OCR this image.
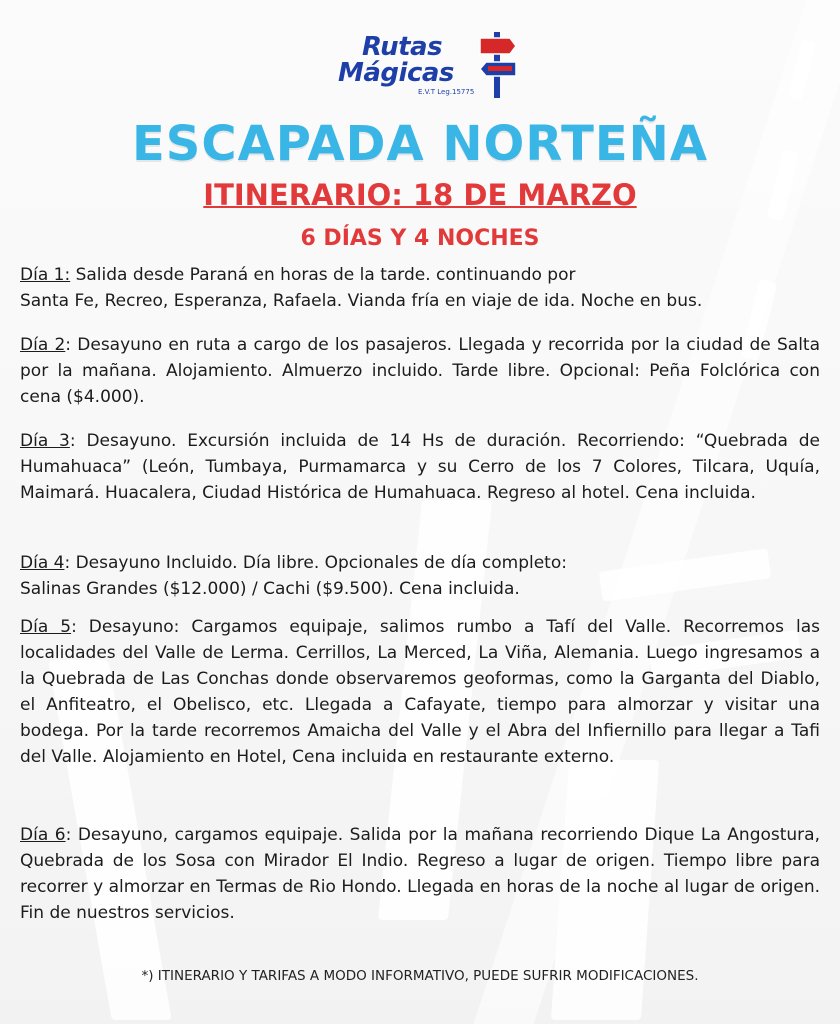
Rutas
Mágicas
E.V.T Leg.15775
ESCAPADA NORTEÑA
ITINERARIO: 18 DE MARZO
6 DÍAS Y 4 NOCHES
Día 1: Salida desde Paraná en horas de la tarde. continuando por
Santa Fe, Recreo, Esperanza, Rafaela. Vianda fría en viaje de ida. Noche en bus.
Día 2: Desayuno en ruta a cargo de los pasajeros. Llegada y recorrida por la ciudad de Salta por la mañana. Alojamiento. Almuerzo incluido. Tarde libre. Opcional: Peña Folclórica con cena ($4.000).
Día 3: Desayuno. Excursión incluida de 14 Hs de duración. Recorriendo: “Quebrada de Humahuaca” (León, Tumbaya, Purmamarca y su Cerro de los 7 Colores, Tilcara, Uquía, Maimará. Huacalera, Ciudad Histórica de Humahuaca. Regreso al hotel. Cena incluida.
Día 4: Desayuno Incluido. Día libre. Opcionales de día completo:
Salinas Grandes ($12.000) / Cachi ($9.500). Cena incluida.
Día 5: Desayuno: Cargamos equipaje, salimos rumbo a Tafí del Valle. Recorremos las localidades del Valle de Lerma. Cerrillos, La Merced, La Viña, Alemania. Luego ingresamos a la Quebrada de Las Conchas donde observaremos geoformas, como la Garganta del Diablo, el Anfiteatro, el Obelisco, etc. Llegada a Cafayate, tiempo para almorzar y visitar una bodega. Por la tarde recorremos Amaicha del Valle y el Abra del Infiernillo para llegar a Tafi del Valle. Alojamiento en Hotel, Cena incluida en restaurante externo.
Día 6: Desayuno, cargamos equipaje. Salida por la mañana recorriendo Dique La Angostura, Quebrada de los Sosa con Mirador El Indio. Regreso a lugar de origen. Tiempo libre para recorrer y almorzar en Termas de Rio Hondo. Llegada en horas de la noche al lugar de origen. Fin de nuestros servicios.
*) ITINERARIO Y TARIFAS A MODO INFORMATIVO, PUEDE SUFRIR MODIFICACIONES.
